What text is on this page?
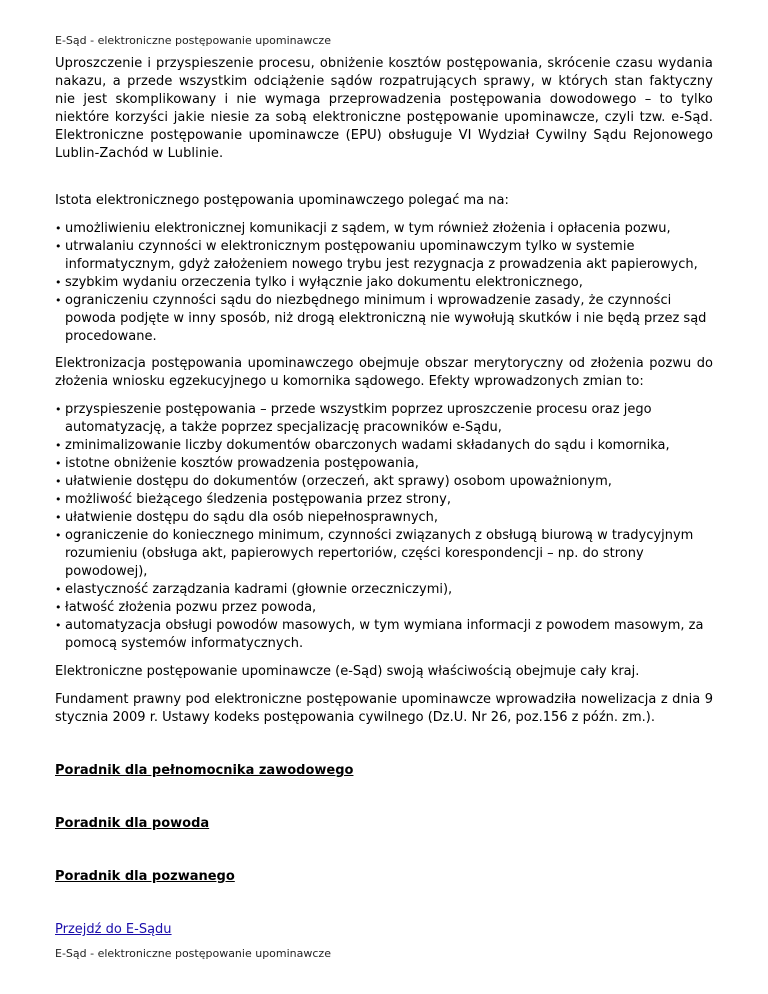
E-Sąd - elektroniczne postępowanie upominawcze

Uproszczenie i przyspieszenie procesu, obniżenie kosztów postępowania, skrócenie czasu wydania nakazu, a przede wszystkim odciążenie sądów rozpatrujących sprawy, w których stan faktyczny nie jest skomplikowany i nie wymaga przeprowadzenia postępowania dowodowego – to tylko niektóre korzyści jakie niesie za sobą elektroniczne postępowanie upominawcze, czyli tzw. e-Sąd. Elektroniczne postępowanie upominawcze (EPU) obsługuje VI Wydział Cywilny Sądu Rejonowego Lublin-Zachód w Lublinie.

Istota elektronicznego postępowania upominawczego polegać ma na:

• umożliwieniu elektronicznej komunikacji z sądem, w tym również złożenia i opłacenia pozwu,
• utrwalaniu czynności w elektronicznym postępowaniu upominawczym tylko w systemie informatycznym, gdyż założeniem nowego trybu jest rezygnacja z prowadzenia akt papierowych,
• szybkim wydaniu orzeczenia tylko i wyłącznie jako dokumentu elektronicznego,
• ograniczeniu czynności sądu do niezbędnego minimum i wprowadzenie zasady, że czynności powoda podjęte w inny sposób, niż drogą elektroniczną nie wywołują skutków i nie będą przez sąd procedowane.

Elektronizacja postępowania upominawczego obejmuje obszar merytoryczny od złożenia pozwu do złożenia wniosku egzekucyjnego u komornika sądowego. Efekty wprowadzonych zmian to:

• przyspieszenie postępowania – przede wszystkim poprzez uproszczenie procesu oraz jego automatyzację, a także poprzez specjalizację pracowników e-Sądu,
• zminimalizowanie liczby dokumentów obarczonych wadami składanych do sądu i komornika,
• istotne obniżenie kosztów prowadzenia postępowania,
• ułatwienie dostępu do dokumentów (orzeczeń, akt sprawy) osobom upoważnionym,
• możliwość bieżącego śledzenia postępowania przez strony,
• ułatwienie dostępu do sądu dla osób niepełnosprawnych,
• ograniczenie do koniecznego minimum, czynności związanych z obsługą biurową w tradycyjnym rozumieniu (obsługa akt, papierowych repertoriów, części korespondencji – np. do strony powodowej),
• elastyczność zarządzania kadrami (głownie orzeczniczymi),
• łatwość złożenia pozwu przez powoda,
• automatyzacja obsługi powodów masowych, w tym wymiana informacji z powodem masowym, za pomocą systemów informatycznych.

Elektroniczne postępowanie upominawcze (e-Sąd) swoją właściwością obejmuje cały kraj.

Fundament prawny pod elektroniczne postępowanie upominawcze wprowadziła nowelizacja z dnia 9 stycznia 2009 r. Ustawy kodeks postępowania cywilnego (Dz.U. Nr 26, poz.156 z późn. zm.).

Poradnik dla pełnomocnika zawodowego

Poradnik dla powoda

Poradnik dla pozwanego

Przejdź do E-Sądu

E-Sąd - elektroniczne postępowanie upominawcze
